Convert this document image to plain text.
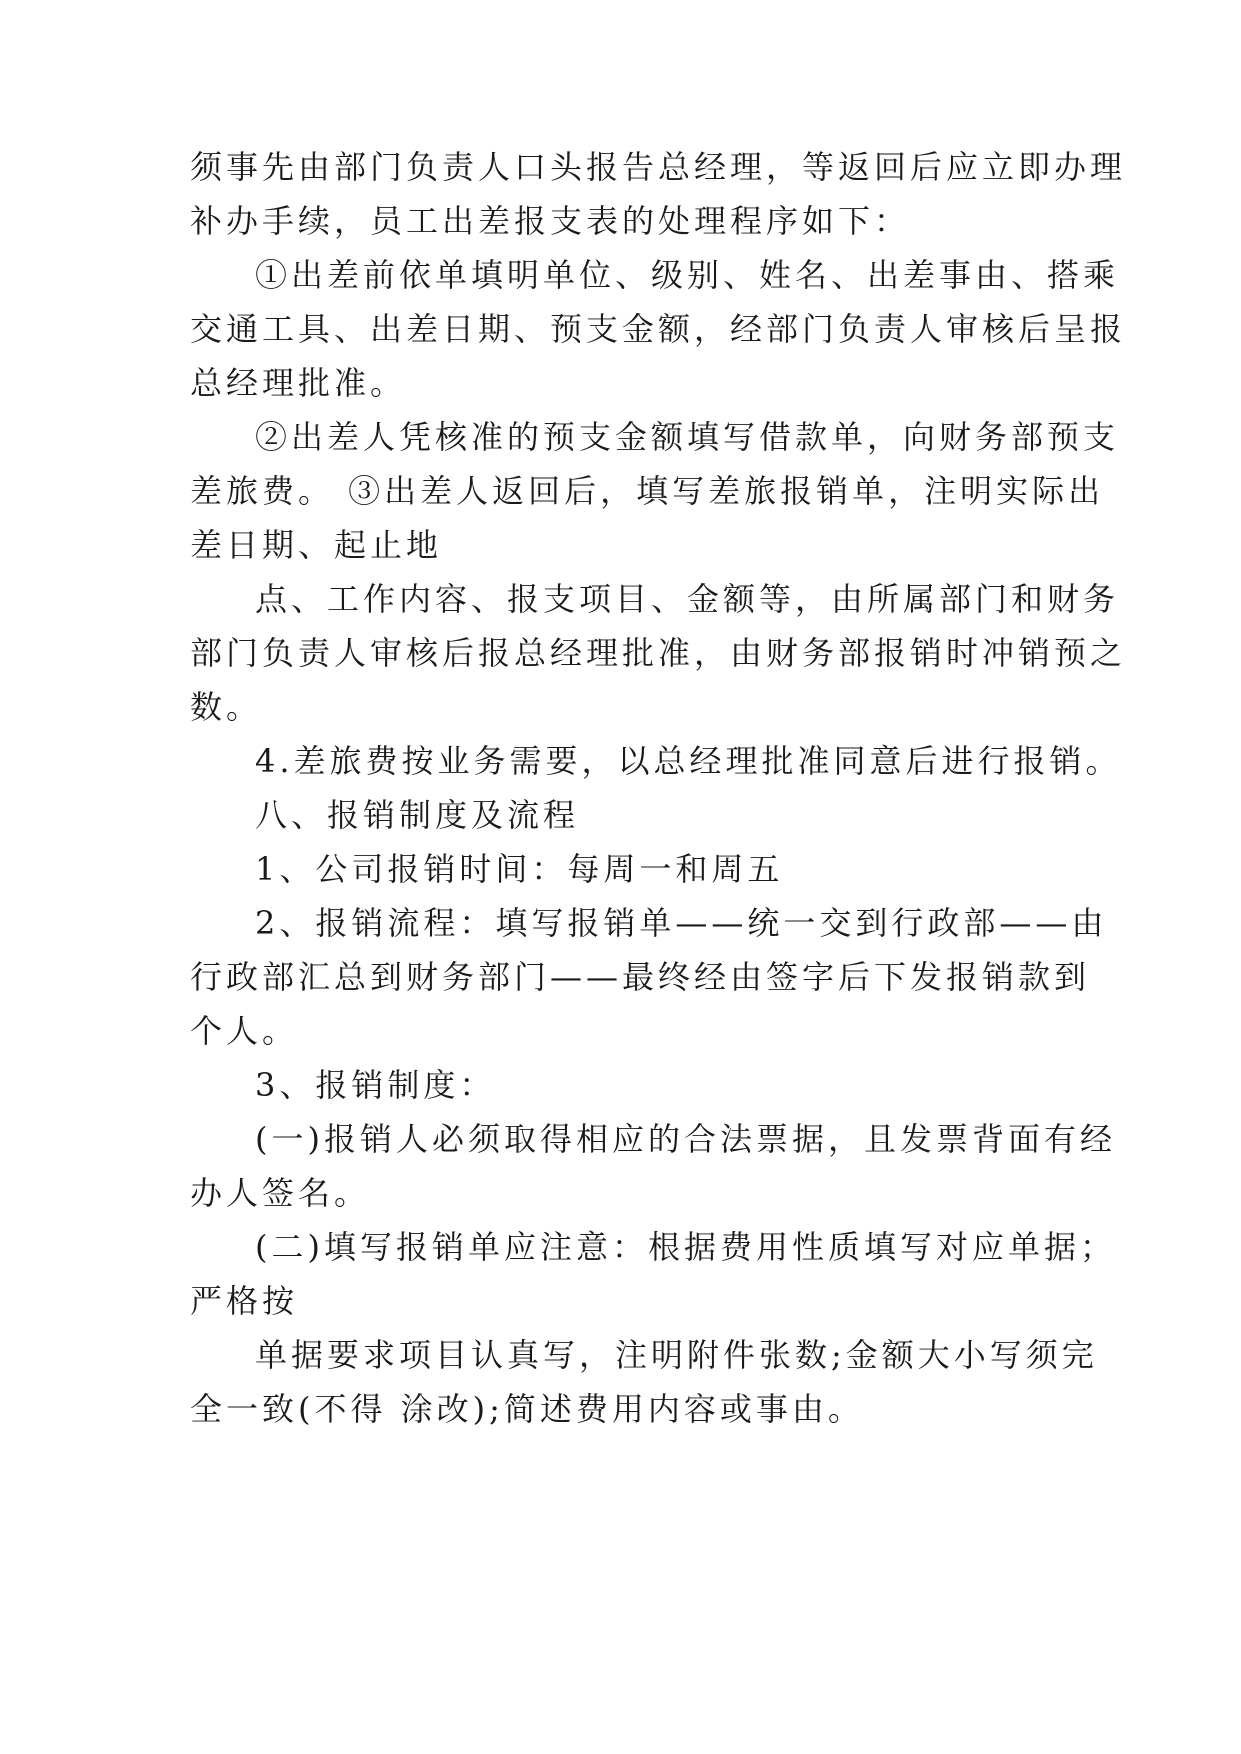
须事先由部门负责人口头报告总经理，等返回后应立即办理
补办手续，员工出差报支表的处理程序如下：
①出差前依单填明单位、级别、姓名、出差事由、搭乘
交通工具、出差日期、预支金额，经部门负责人审核后呈报
总经理批准。
②出差人凭核准的预支金额填写借款单，向财务部预支
差旅费。 ③出差人返回后，填写差旅报销单，注明实际出
差日期、起止地
点、工作内容、报支项目、金额等，由所属部门和财务
部门负责人审核后报总经理批准，由财务部报销时冲销预之
数。
4.差旅费按业务需要，以总经理批准同意后进行报销。
八、报销制度及流程
1、公司报销时间：每周一和周五
2、报销流程：填写报销单——统一交到行政部——由
行政部汇总到财务部门——最终经由签字后下发报销款到
个人。
3、报销制度：
(一)报销人必须取得相应的合法票据，且发票背面有经
办人签名。
(二)填写报销单应注意：根据费用性质填写对应单据；
严格按
单据要求项目认真写，注明附件张数;金额大小写须完
全一致(不得 涂改);简述费用内容或事由。
